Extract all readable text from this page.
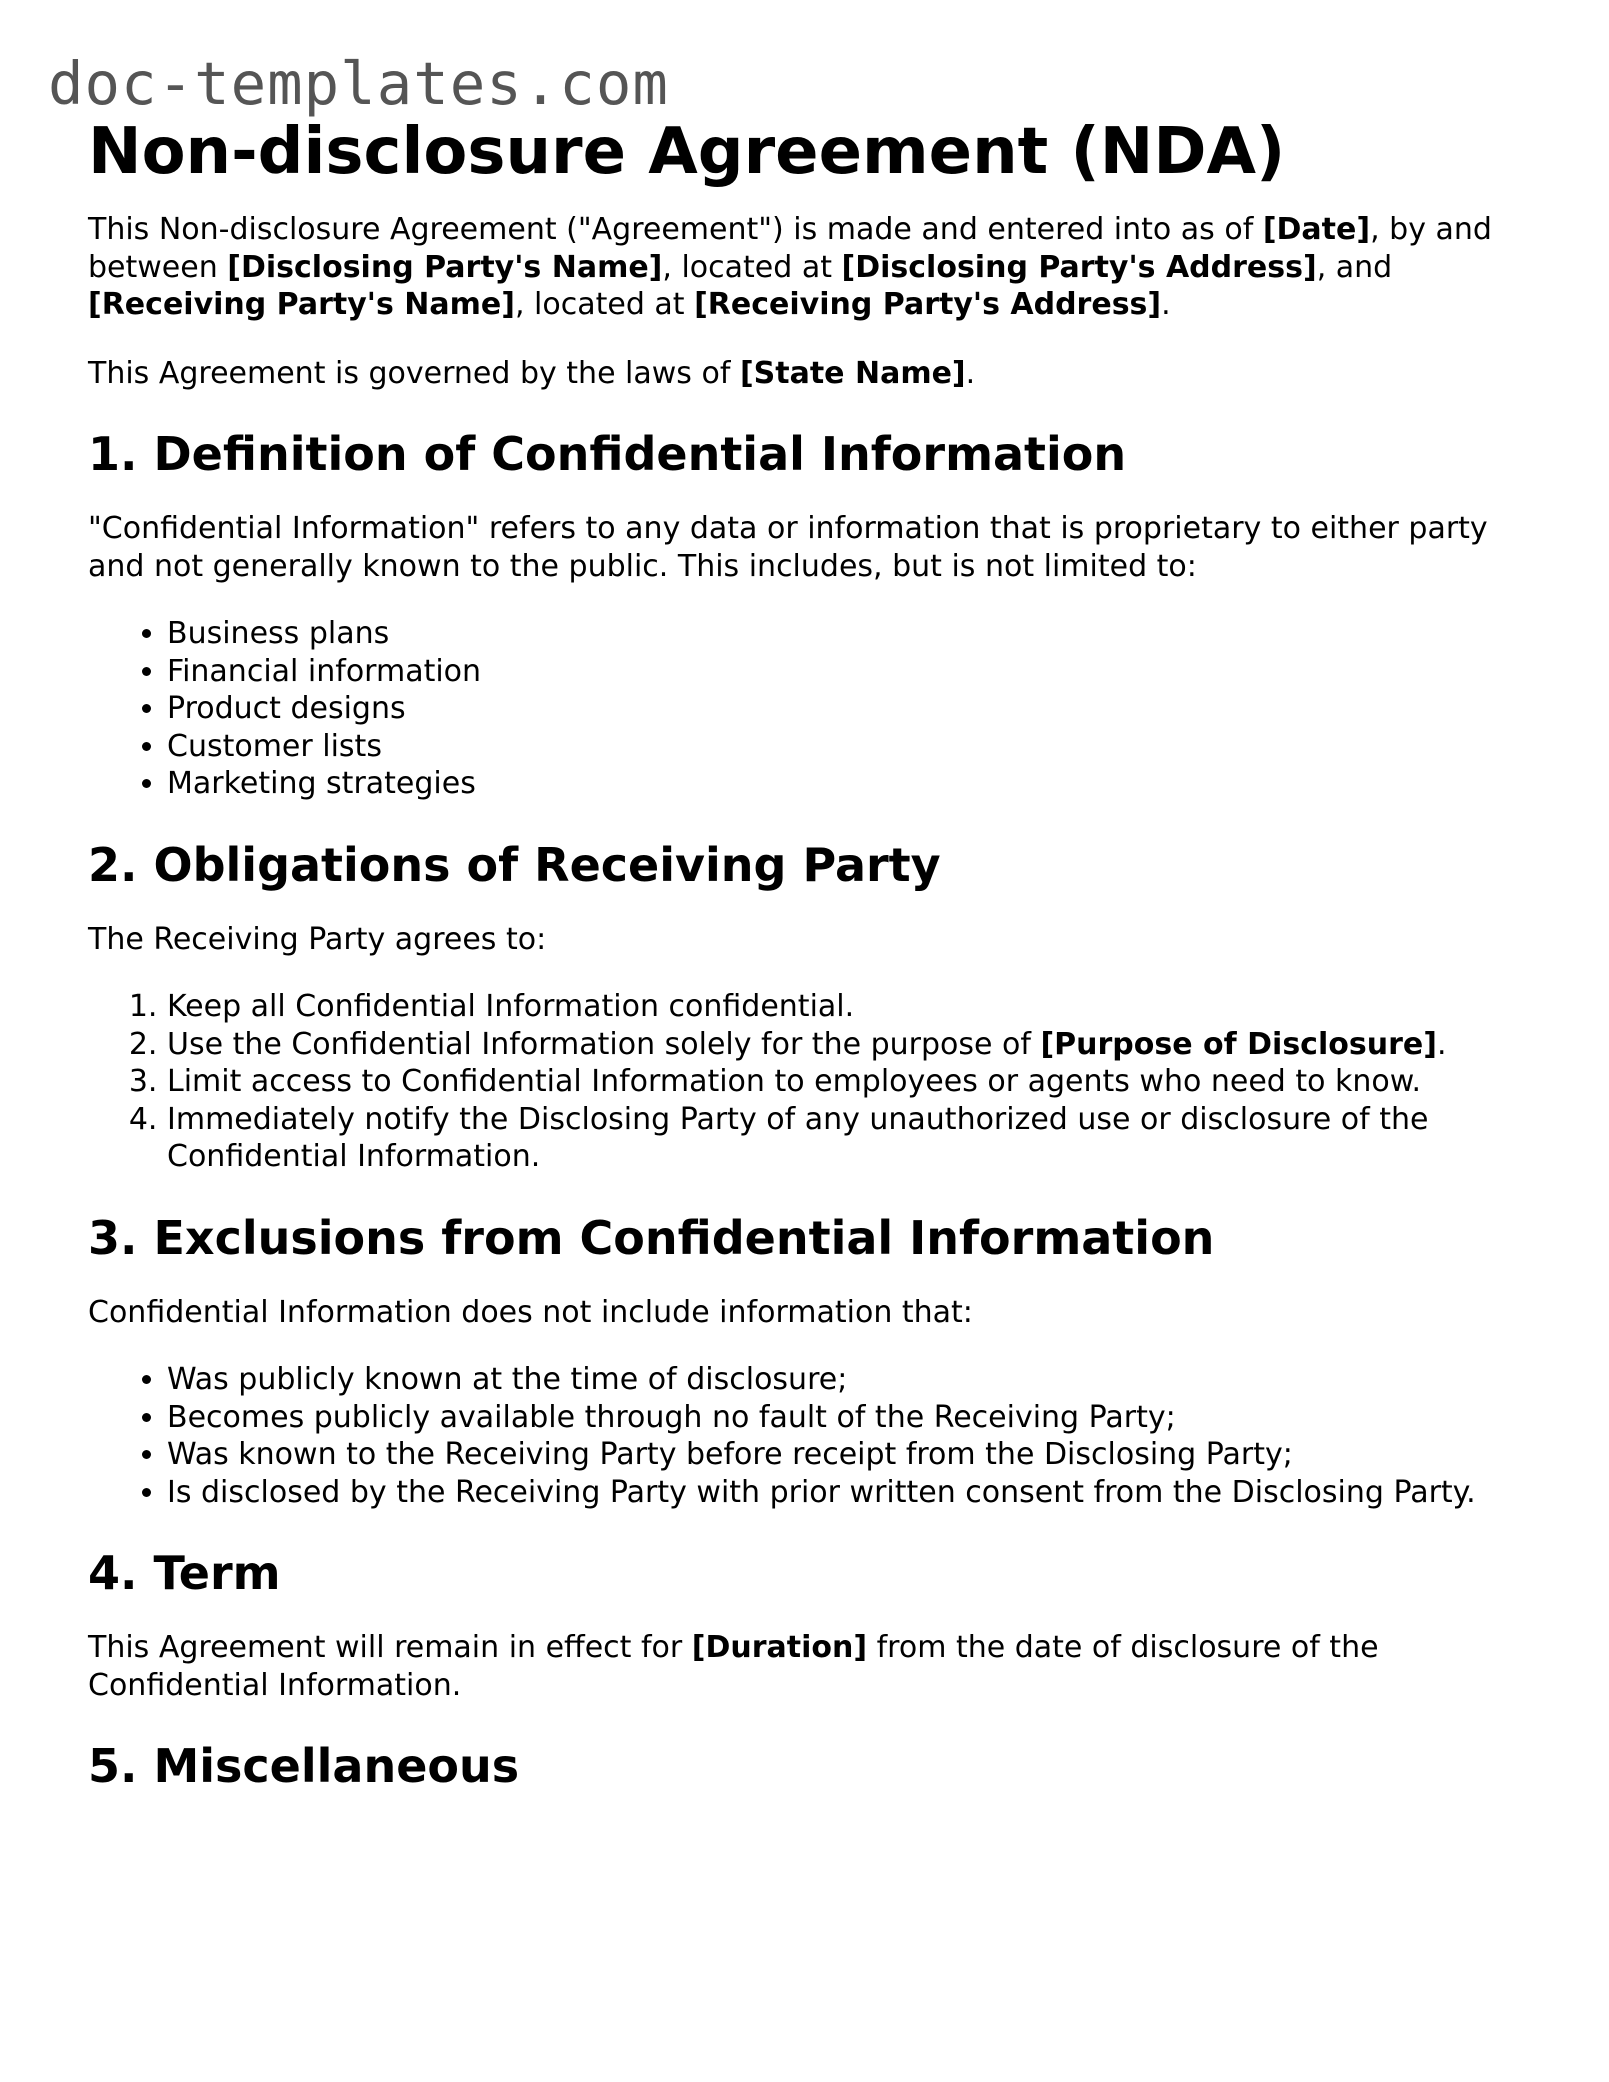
doc-templates.com
Non-disclosure Agreement (NDA)

This Non-disclosure Agreement ("Agreement") is made and entered into as of [Date], by and between [Disclosing Party's Name], located at [Disclosing Party's Address], and [Receiving Party's Name], located at [Receiving Party's Address].

This Agreement is governed by the laws of [State Name].

1. Definition of Confidential Information

"Confidential Information" refers to any data or information that is proprietary to either party and not generally known to the public. This includes, but is not limited to:

• Business plans
• Financial information
• Product designs
• Customer lists
• Marketing strategies
2. Obligations of Receiving Party

The Receiving Party agrees to:

1. Keep all Confidential Information confidential.
2. Use the Confidential Information solely for the purpose of [Purpose of Disclosure].
3. Limit access to Confidential Information to employees or agents who need to know.
4. Immediately notify the Disclosing Party of any unauthorized use or disclosure of the Confidential Information.
3. Exclusions from Confidential Information

Confidential Information does not include information that:

• Was publicly known at the time of disclosure;
• Becomes publicly available through no fault of the Receiving Party;
• Was known to the Receiving Party before receipt from the Disclosing Party;
• Is disclosed by the Receiving Party with prior written consent from the Disclosing Party.
4. Term

This Agreement will remain in effect for [Duration] from the date of disclosure of the Confidential Information.

5. Miscellaneous
